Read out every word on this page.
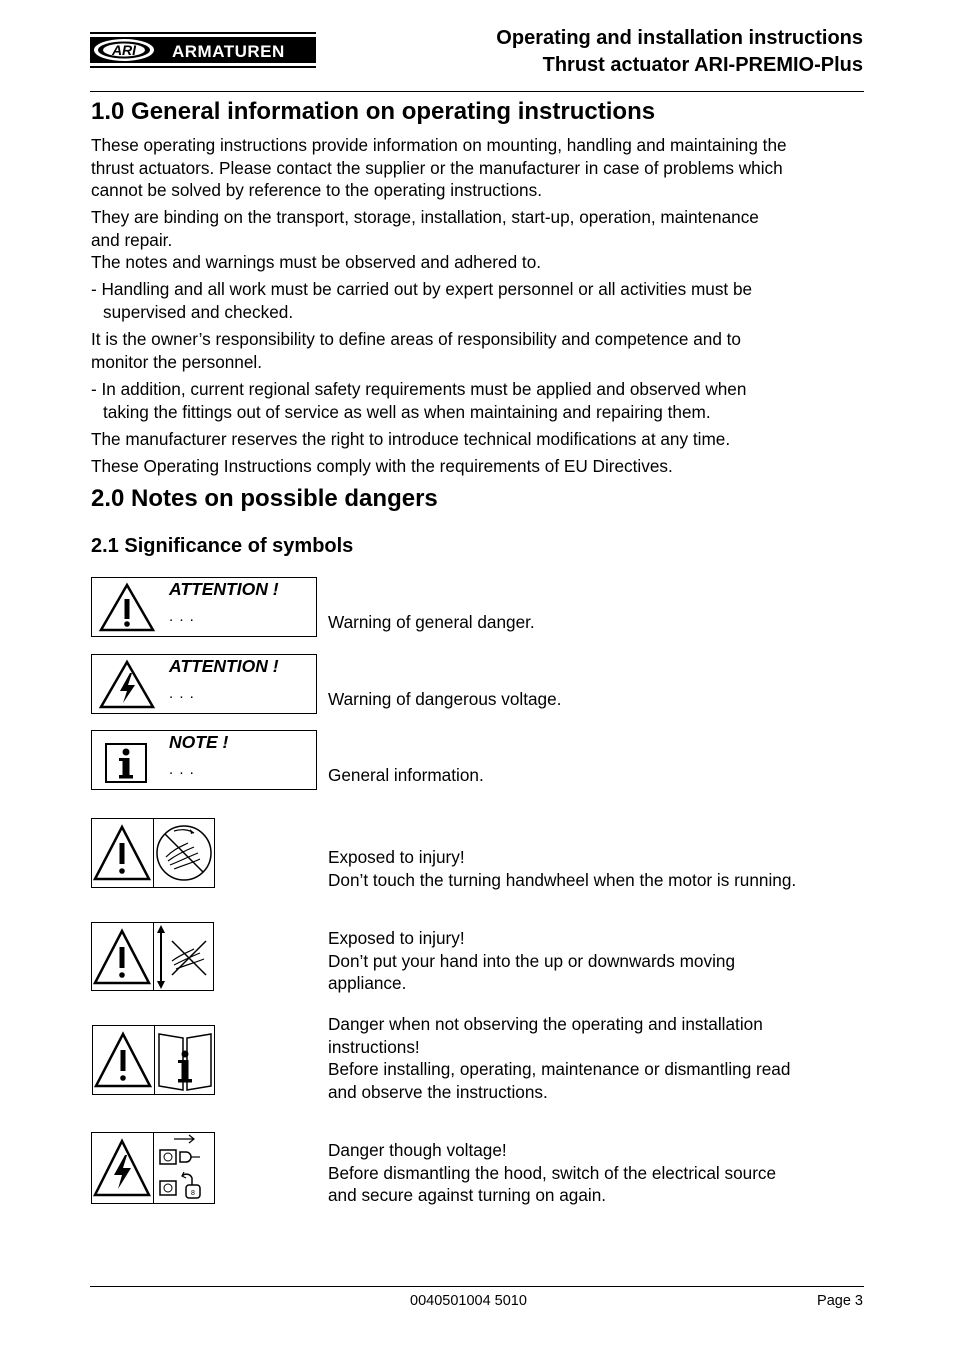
ARI ARMATUREN
Operating and installation instructions
Thrust actuator ARI-PREMIO-Plus
1.0 General information on operating instructions
These operating instructions provide information on mounting, handling and maintaining the
thrust actuators. Please contact the supplier or the manufacturer in case of problems which
cannot be solved by reference to the operating instructions.
They are binding on the transport, storage, installation, start-up, operation, maintenance
and repair.
The notes and warnings must be observed and adhered to.
- Handling and all work must be carried out by expert personnel or all activities must be
supervised and checked.
It is the owner’s responsibility to define areas of responsibility and competence and to
monitor the personnel.
- In addition, current regional safety requirements must be applied and observed when
taking the fittings out of service as well as when maintaining and repairing them.
The manufacturer reserves the right to introduce technical modifications at any time.
These Operating Instructions comply with the requirements of EU Directives.
2.0 Notes on possible dangers
2.1 Significance of symbols
ATTENTION !
. . .	Warning of general danger.
ATTENTION !
. . .	Warning of dangerous voltage.
NOTE !
. . .	General information.
Exposed to injury!
Don’t touch the turning handwheel when the motor is running.
Exposed to injury!
Don’t put your hand into the up or downwards moving
appliance.
Danger when not observing the operating and installation
instructions!
Before installing, operating, maintenance or dismantling read
and observe the instructions.
8
Danger though voltage!
Before dismantling the hood, switch of the electrical source
and secure against turning on again.
0040501004 5010	Page 3
